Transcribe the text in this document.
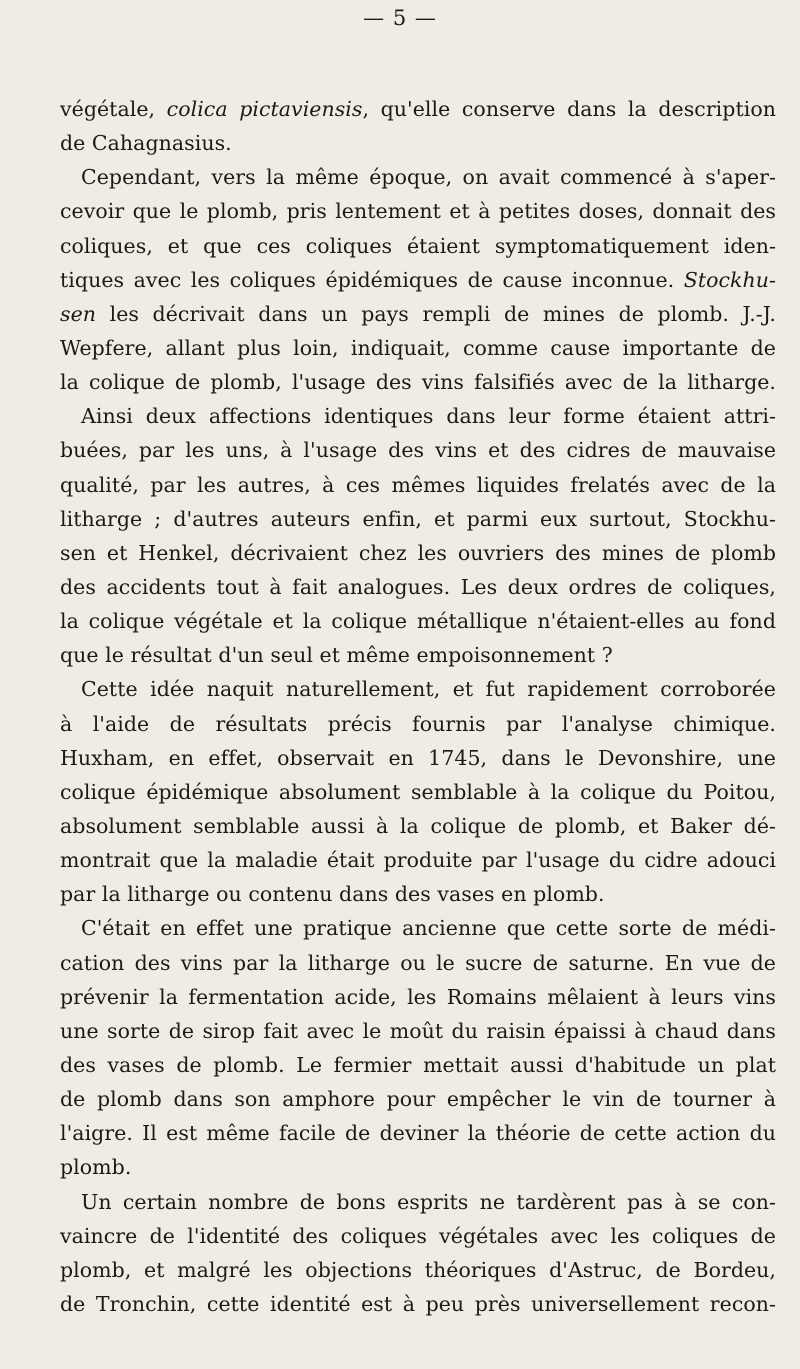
— 5 —
végétale, colica pictaviensis, qu'elle conserve dans la description
de Cahagnasius.
Cependant, vers la même époque, on avait commencé à s'aper-
cevoir que le plomb, pris lentement et à petites doses, donnait des
coliques, et que ces coliques étaient symptomatiquement iden-
tiques avec les coliques épidémiques de cause inconnue. Stockhu-
sen les décrivait dans un pays rempli de mines de plomb. J.-J.
Wepfere, allant plus loin, indiquait, comme cause importante de
la colique de plomb, l'usage des vins falsifiés avec de la litharge.
Ainsi deux affections identiques dans leur forme étaient attri-
buées, par les uns, à l'usage des vins et des cidres de mauvaise
qualité, par les autres, à ces mêmes liquides frelatés avec de la
litharge ; d'autres auteurs enfin, et parmi eux surtout, Stockhu-
sen et Henkel, décrivaient chez les ouvriers des mines de plomb
des accidents tout à fait analogues. Les deux ordres de coliques,
la colique végétale et la colique métallique n'étaient-elles au fond
que le résultat d'un seul et même empoisonnement ?
Cette idée naquit naturellement, et fut rapidement corroborée
à l'aide de résultats précis fournis par l'analyse chimique.
Huxham, en effet, observait en 1745, dans le Devonshire, une
colique épidémique absolument semblable à la colique du Poitou,
absolument semblable aussi à la colique de plomb, et Baker dé-
montrait que la maladie était produite par l'usage du cidre adouci
par la litharge ou contenu dans des vases en plomb.
C'était en effet une pratique ancienne que cette sorte de médi-
cation des vins par la litharge ou le sucre de saturne. En vue de
prévenir la fermentation acide, les Romains mêlaient à leurs vins
une sorte de sirop fait avec le moût du raisin épaissi à chaud dans
des vases de plomb. Le fermier mettait aussi d'habitude un plat
de plomb dans son amphore pour empêcher le vin de tourner à
l'aigre. Il est même facile de deviner la théorie de cette action du
plomb.
Un certain nombre de bons esprits ne tardèrent pas à se con-
vaincre de l'identité des coliques végétales avec les coliques de
plomb, et malgré les objections théoriques d'Astruc, de Bordeu,
de Tronchin, cette identité est à peu près universellement recon-
